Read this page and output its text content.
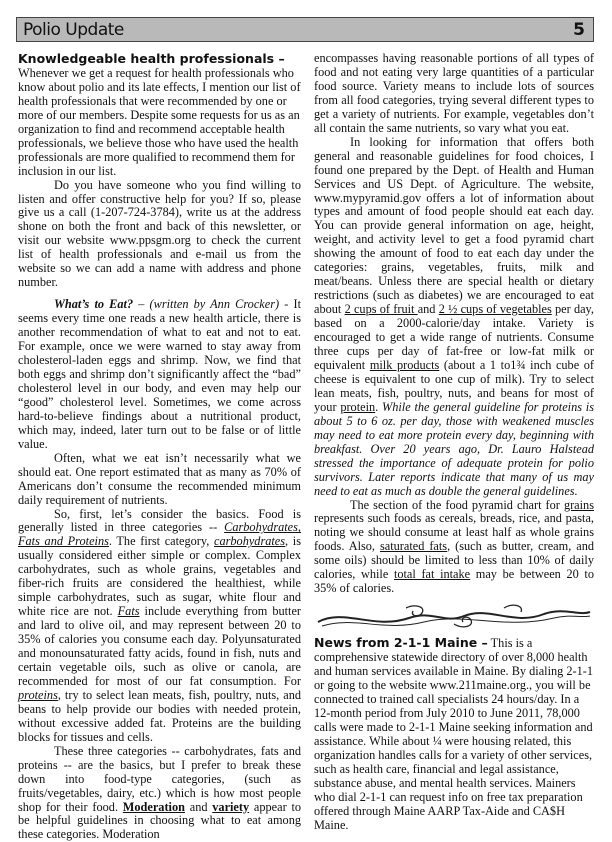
Polio Update	5

Knowledgeable health professionals – Whenever we get a request for health professionals who know about polio and its late effects, I mention our list of health professionals that were recommended by one or more of our members. Despite some requests for us as an organization to find and recommend acceptable health professionals, we believe those who have used the health professionals are more qualified to recommend them for inclusion in our list.

Do you have someone who you find willing to listen and offer constructive help for you? If so, please give us a call (1-207-724-3784), write us at the address shone on both the front and back of this newsletter, or visit our website www.ppsgm.org to check the current list of health professionals and e-mail us from the website so we can add a name with address and phone number.

What’s to Eat? – (written by Ann Crocker) - It seems every time one reads a new health article, there is another recommendation of what to eat and not to eat. For example, once we were warned to stay away from cholesterol-laden eggs and shrimp. Now, we find that both eggs and shrimp don’t significantly affect the “bad” cholesterol level in our body, and even may help our “good” cholesterol level. Sometimes, we come across hard-to-believe findings about a nutritional product, which may, indeed, later turn out to be false or of little value.

Often, what we eat isn’t necessarily what we should eat. One report estimated that as many as 70% of Americans don’t consume the recommended minimum daily requirement of nutrients.

So, first, let’s consider the basics. Food is generally listed in three categories -- Carbohydrates, Fats and Proteins. The first category, carbohydrates, is usually considered either simple or complex. Complex carbohydrates, such as whole grains, vegetables and fiber-rich fruits are considered the healthiest, while simple carbohydrates, such as sugar, white flour and white rice are not. Fats include everything from butter and lard to olive oil, and may represent between 20 to 35% of calories you consume each day. Polyunsaturated and monounsaturated fatty acids, found in fish, nuts and certain vegetable oils, such as olive or canola, are recommended for most of our fat consumption. For proteins, try to select lean meats, fish, poultry, nuts, and beans to help provide our bodies with needed protein, without excessive added fat. Proteins are the building blocks for tissues and cells.

These three categories -- carbohydrates, fats and proteins -- are the basics, but I prefer to break these down into food-type categories, (such as fruits/vegetables, dairy, etc.) which is how most people shop for their food. Moderation and variety appear to be helpful guidelines in choosing what to eat among these categories. Moderation

encompasses having reasonable portions of all types of food and not eating very large quantities of a particular food source. Variety means to include lots of sources from all food categories, trying several different types to get a variety of nutrients. For example, vegetables don’t all contain the same nutrients, so vary what you eat.

In looking for information that offers both general and reasonable guidelines for food choices, I found one prepared by the Dept. of Health and Human Services and US Dept. of Agriculture. The website, www.mypyramid.gov offers a lot of information about types and amount of food people should eat each day. You can provide general information on age, height, weight, and activity level to get a food pyramid chart showing the amount of food to eat each day under the categories: grains, vegetables, fruits, milk and meat/beans. Unless there are special health or dietary restrictions (such as diabetes) we are encouraged to eat about 2 cups of fruit and 2 ½ cups of vegetables per day, based on a 2000-calorie/day intake. Variety is encouraged to get a wide range of nutrients. Consume three cups per day of fat-free or low-fat milk or equivalent milk products (about a 1 to1¾ inch cube of cheese is equivalent to one cup of milk). Try to select lean meats, fish, poultry, nuts, and beans for most of your protein. While the general guideline for proteins is about 5 to 6 oz. per day, those with weakened muscles may need to eat more protein every day, beginning with breakfast. Over 20 years ago, Dr. Lauro Halstead stressed the importance of adequate protein for polio survivors. Later reports indicate that many of us may need to eat as much as double the general guidelines.

The section of the food pyramid chart for grains represents such foods as cereals, breads, rice, and pasta, noting we should consume at least half as whole grains foods. Also, saturated fats, (such as butter, cream, and some oils) should be limited to less than 10% of daily calories, while total fat intake may be between 20 to 35% of calories.

News from 2-1-1 Maine – This is a comprehensive statewide directory of over 8,000 health and human services available in Maine. By dialing 2-1-1 or going to the website www.211maine.org., you will be connected to trained call specialists 24 hours/day. In a 12-month period from July 2010 to June 2011, 78,000 calls were made to 2-1-1 Maine seeking information and assistance. While about ¼ were housing related, this organization handles calls for a variety of other services, such as health care, financial and legal assistance, substance abuse, and mental health services. Mainers who dial 2-1-1 can request info on free tax preparation offered through Maine AARP Tax-Aide and CA$H Maine.
